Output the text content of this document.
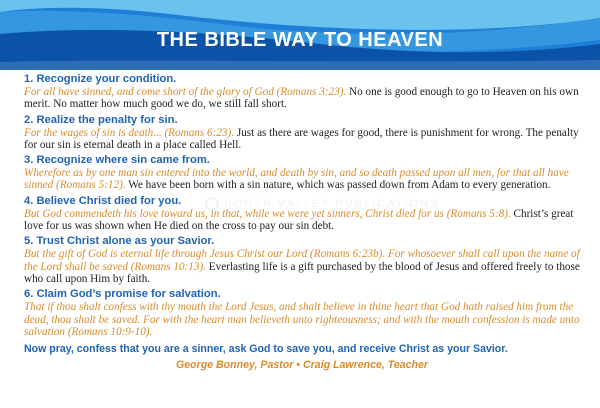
THE BIBLE WAY TO HEAVEN
NORTH VALLEY PUBLICATIONS
1. Recognize your condition.
For all have sinned, and come short of the glory of God (Romans 3:23). No one is good enough to go to Heaven on his own merit. No matter how much good we do, we still fall short.
2. Realize the penalty for sin.
For the wages of sin is death... (Romans 6:23). Just as there are wages for good, there is punishment for wrong. The penalty for our sin is eternal death in a place called Hell.
3. Recognize where sin came from.
Wherefore as by one man sin entered into the world, and death by sin, and so death passed upon all men, for that all have sinned (Romans 5:12). We have been born with a sin nature, which was passed down from Adam to every generation.
4. Believe Christ died for you.
But God commendeth his love toward us, in that, while we were yet sinners, Christ died for us (Romans 5:8). Christ’s great love for us was shown when He died on the cross to pay our sin debt.
5. Trust Christ alone as your Savior.
But the gift of God is eternal life through Jesus Christ our Lord (Romans 6:23b). For whosoever shall call upon the name of the Lord shall be saved (Romans 10:13). Everlasting life is a gift purchased by the blood of Jesus and offered freely to those who call upon Him by faith.
6. Claim God’s promise for salvation.
That if thou shalt confess with thy mouth the Lord Jesus, and shalt believe in thine heart that God hath raised him from the dead, thou shalt be saved. For with the heart man believeth unto righteousness; and with the mouth confession is made unto salvation (Romans 10:9-10).
Now pray, confess that you are a sinner, ask God to save you, and receive Christ as your Savior.
George Bonney, Pastor • Craig Lawrence, Teacher
